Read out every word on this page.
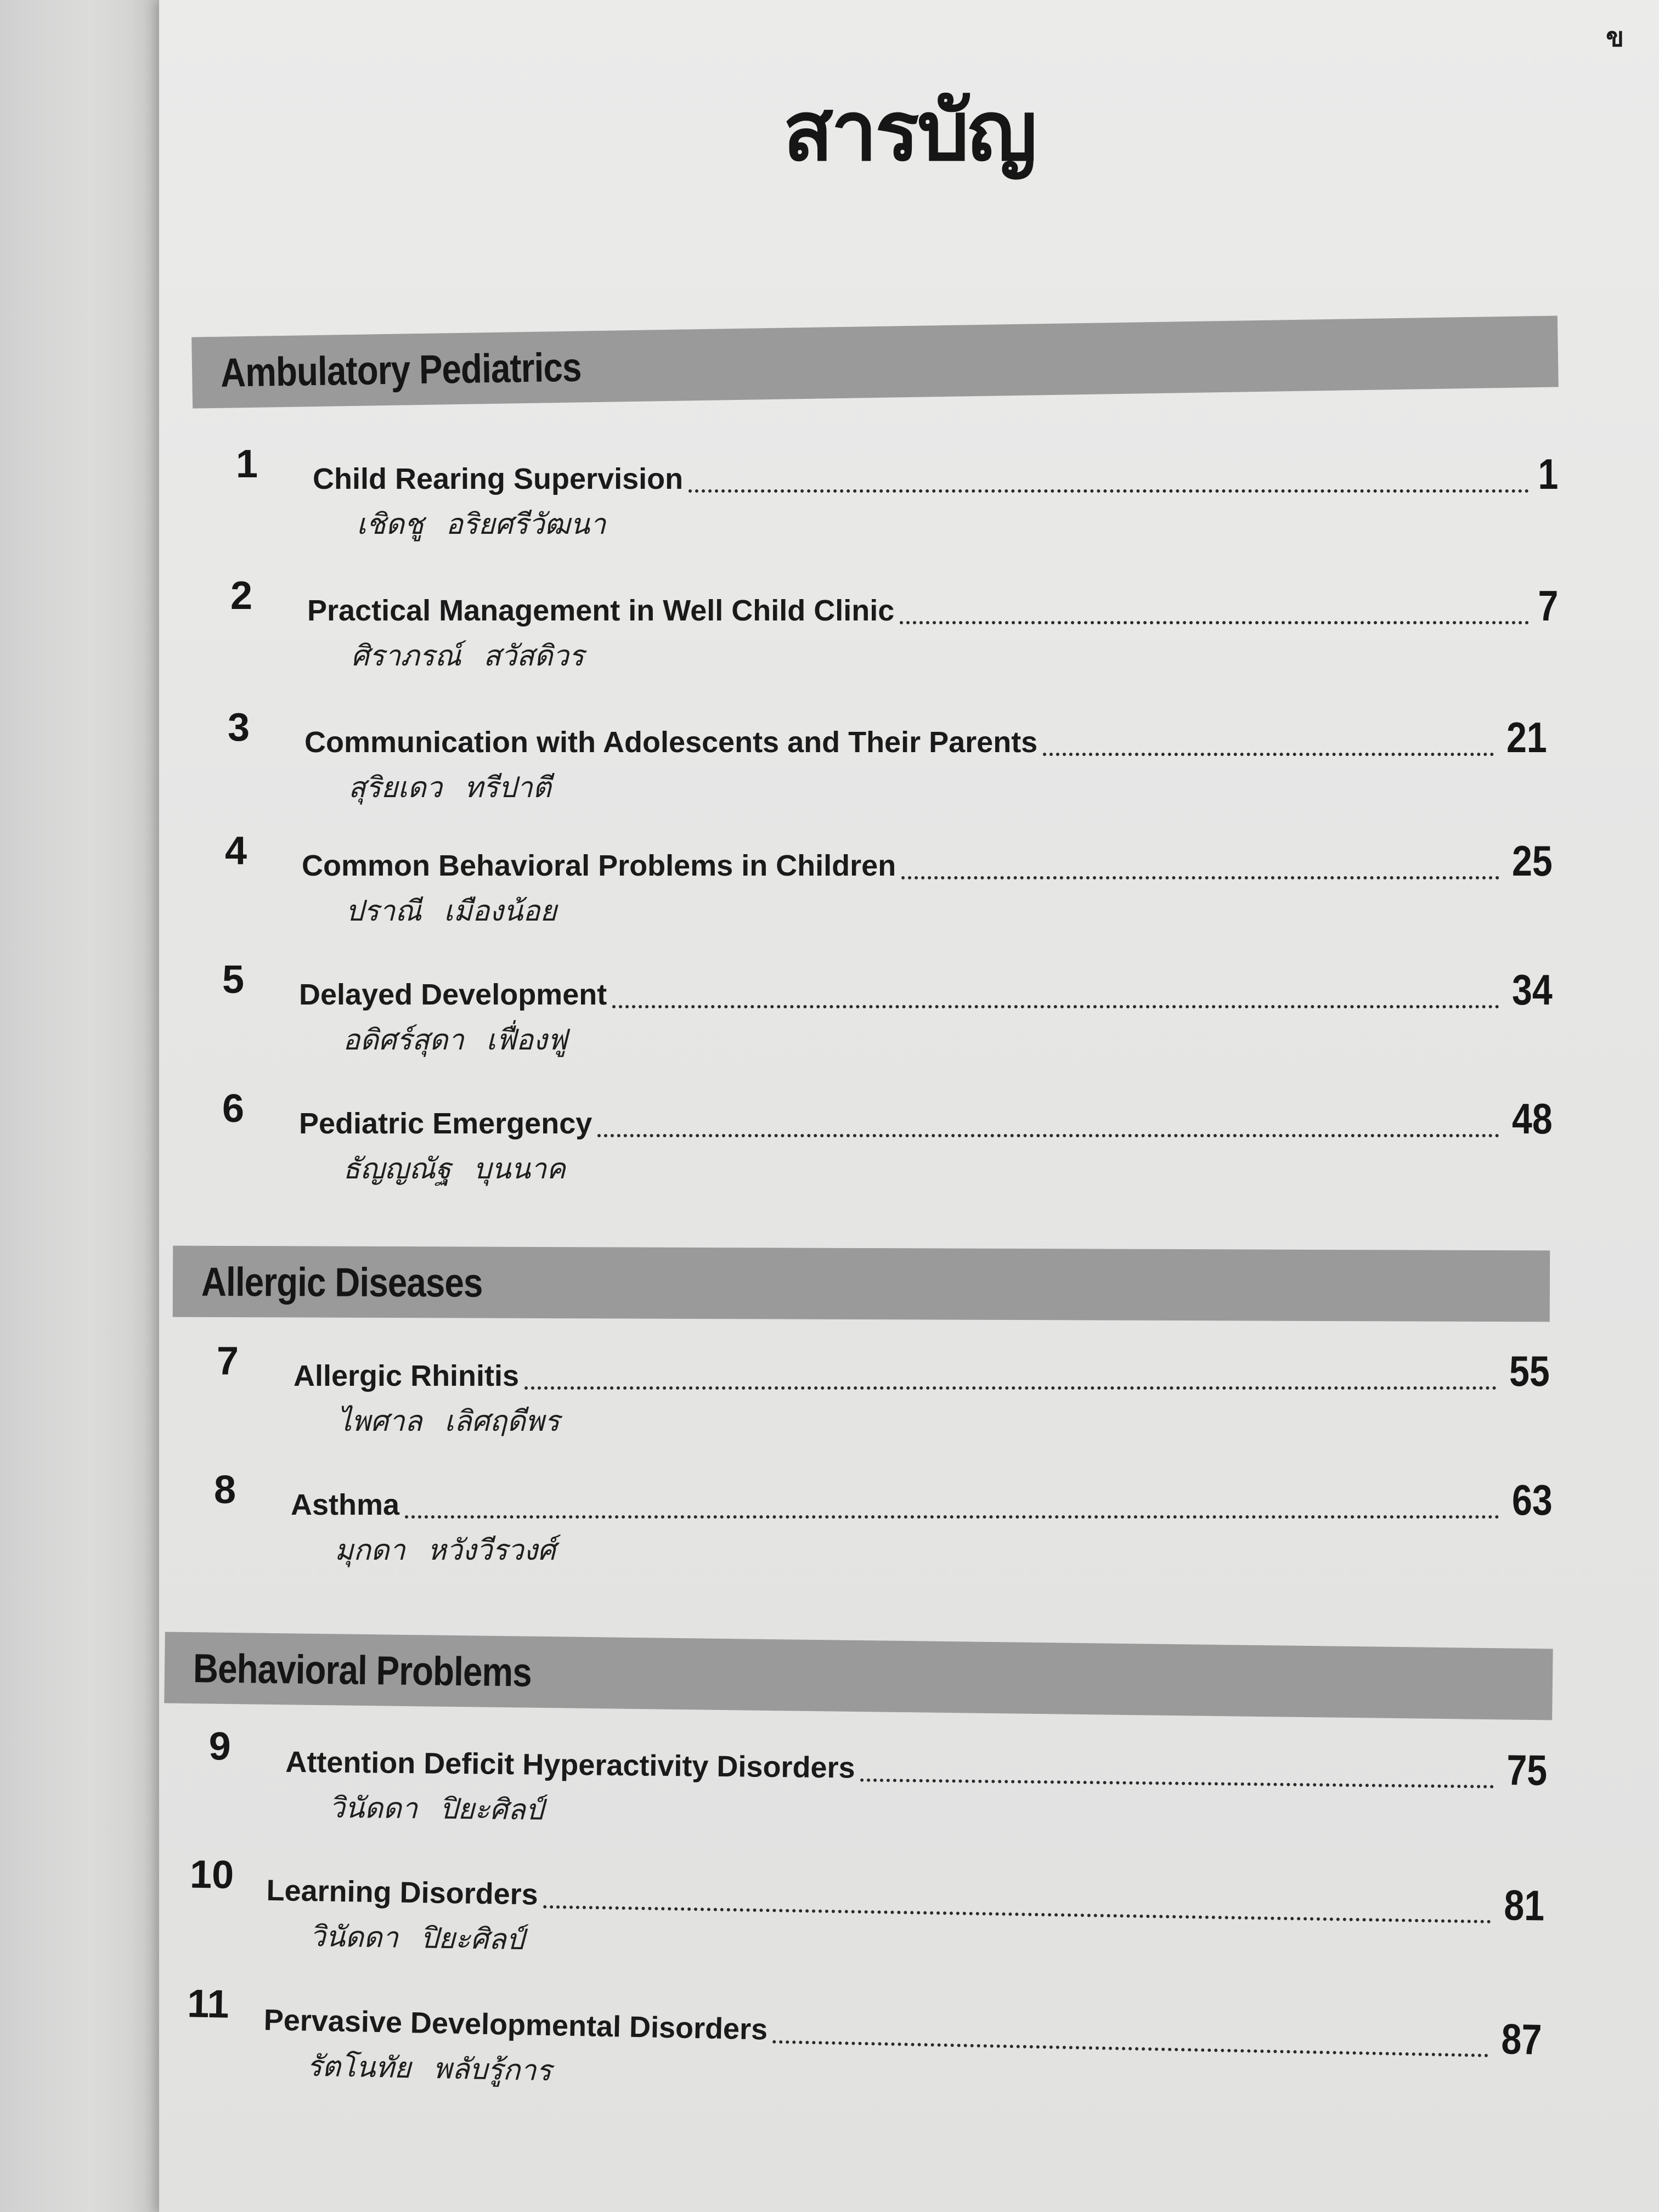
ข
สารบัญ
Ambulatory Pediatrics
1	Child Rearing Supervision	1
เชิดชู อริยศรีวัฒนา
2	Practical Management in Well Child Clinic	7
ศิราภรณ์ สวัสดิวร
3	Communication with Adolescents and Their Parents	21
สุริยเดว ทรีปาตี
4	Common Behavioral Problems in Children	25
ปราณี เมืองน้อย
5	Delayed Development	34
อดิศร์สุดา เฟื่องฟู
6	Pediatric Emergency	48
ธัญญณัฐ บุนนาค
Allergic Diseases
7	Allergic Rhinitis	55
ไพศาล เลิศฤดีพร
8	Asthma	63
มุกดา หวังวีรวงศ์
Behavioral Problems
9	Attention Deficit Hyperactivity Disorders	75
วินัดดา ปิยะศิลป์
10 Learning Disorders	81
วินัดดา ปิยะศิลป์
11 Pervasive Developmental Disorders	87
รัตโนทัย พลับรู้การ
